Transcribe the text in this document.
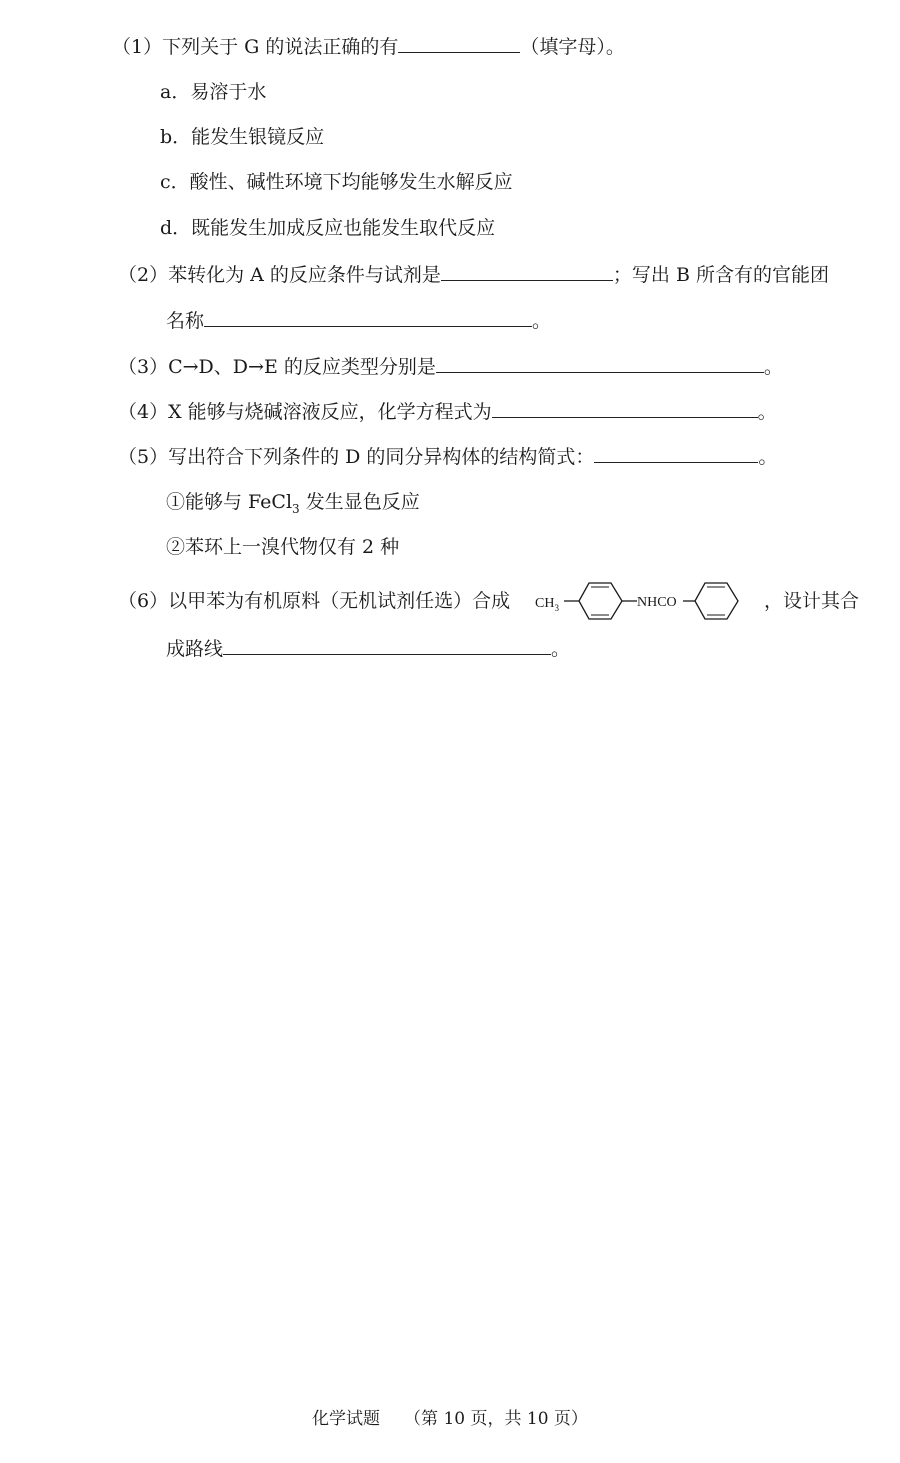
（1）下列关于 G 的说法正确的有	（填字母）。
a．易溶于水
b．能发生银镜反应
c．酸性、碱性环境下均能够发生水解反应
d．既能发生加成反应也能发生取代反应
（2）苯转化为 A 的反应条件与试剂是	；写出 B 所含有的官能团
名称	。
（3）C→D、D→E 的反应类型分别是	。
（4）X 能够与烧碱溶液反应，化学方程式为	。
（5）写出符合下列条件的 D 的同分异构体的结构简式：	。
①能够与 FeCl$_3$ 发生显色反应
②苯环上一溴代物仅有 2 种
（6）以甲苯为有机原料（无机试剂任选）合成 $CH_3$	NHCO	，设计其合
成路线	。
化学试题 （第 10 页，共 10 页）
